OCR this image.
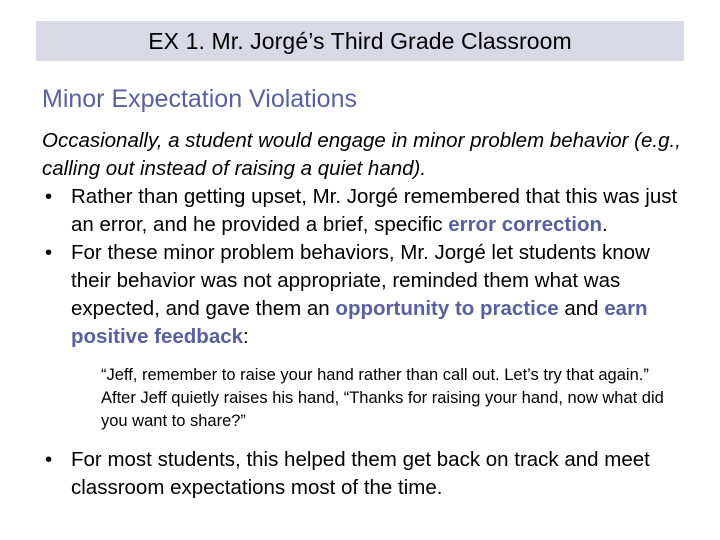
EX 1. Mr. Jorgé’s Third Grade Classroom
Minor Expectation Violations

Occasionally, a student would engage in minor problem behavior (e.g., calling out instead of raising a quiet hand).

• Rather than getting upset, Mr. Jorgé remembered that this was just an error, and he provided a brief, specific error correction.
• For these minor problem behaviors, Mr. Jorgé let students know their behavior was not appropriate, reminded them what was expected, and gave them an opportunity to practice and earn positive feedback:
“Jeff, remember to raise your hand rather than call out. Let’s try that again.” After Jeff quietly raises his hand, “Thanks for raising your hand, now what did you want to share?”
• For most students, this helped them get back on track and meet classroom expectations most of the time.
